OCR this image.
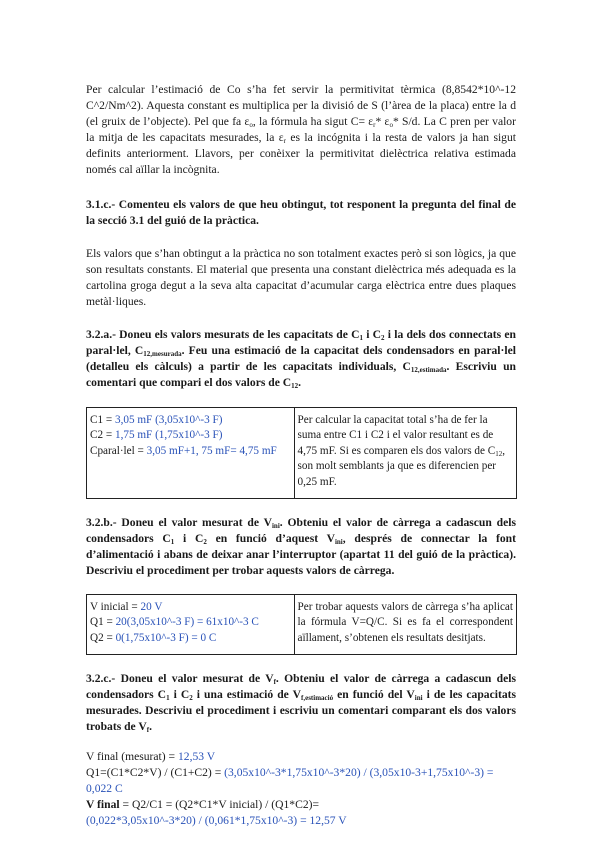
Per calcular l’estimació de Co s’ha fet servir la permitivitat tèrmica (8,8542*10^-12 C^2/Nm^2). Aquesta constant es multiplica per la divisió de S (l’àrea de la placa) entre la d (el gruix de l’objecte). Pel que fa $\varepsilon_o$, la fórmula ha sigut $C= \varepsilon_r*$ $\varepsilon_o*$ S/d. La C pren per valor la mitja de les capacitats mesurades, la $\varepsilon_r$ es la incógnita i la resta de valors ja han sigut definits anteriorment. Llavors, per conèixer la permitivitat dielèctrica relativa estimada només cal aïllar la incògnita.

3.1.c.- Comenteu els valors de que heu obtingut, tot responent la pregunta del final de la secció 3.1 del guió de la pràctica.

Els valors que s’han obtingut a la pràctica no son totalment exactes però si son lògics, ja que son resultats constants. El material que presenta una constant dielèctrica més adequada es la cartolina groga degut a la seva alta capacitat d’acumular carga elèctrica entre dues plaques metàl·liques.

3.2.a.- Doneu els valors mesurats de les capacitats de $C_1$ i $C_2$ i la dels dos connectats en paral·lel, $C_{12,mesurada}$. Feu una estimació de la capacitat dels condensadors en paral·lel (detalleu els càlculs) a partir de les capacitats individuals, $C_{12,estimada}$. Escriviu un comentari que compari el dos valors de $C_{12}$.

C1 = 3,05 mF (3,05x10^-3 F)
C2 = 1,75 mF (1,75x10^-3 F)
Cparal·lel = 3,05 mF+1, 75 mF= 4,75 mF
	Per calcular la capacitat total s’ha de fer la suma entre C1 i C2 i el valor resultant es de 4,75 mF. Si es comparen els dos valors de $C_{12}$, son molt semblants ja que es diferencien per 0,25 mF.

3.2.b.- Doneu el valor mesurat de $V_{ini}$. Obteniu el valor de càrrega a cadascun dels condensadors $C_1$ i $C_2$ en funció d’aquest $V_{ini}$, després de connectar la font d’alimentació i abans de deixar anar l’interruptor (apartat 11 del guió de la pràctica). Descriviu el procediment per trobar aquests valors de càrrega.

V inicial = 20 V
Q1 = 20(3,05x10^-3 F) = 61x10^-3 C
Q2 = 0(1,75x10^-3 F) = 0 C
	Per trobar aquests valors de càrrega s’ha aplicat la fórmula V=Q/C. Si es fa el correspondent aïllament, s’obtenen els resultats desitjats.

3.2.c.- Doneu el valor mesurat de $V_f$. Obteniu el valor de càrrega a cadascun dels condensadors $C_1$ i $C_2$ i una estimació de $V_{f,estimació}$ en funció del $V_{ini}$ i de les capacitats mesurades. Descriviu el procediment i escriviu un comentari comparant els dos valors trobats de $V_f$.

V final (mesurat) = 12,53 V
Q1=(C1*C2*V) / (C1+C2) = (3,05x10^-3*1,75x10^-3*20) / (3,05x10-3+1,75x10^-3) =
0,022 C
V final = Q2/C1 = (Q2*C1*V inicial) / (Q1*C2)=
(0,022*3,05x10^-3*20) / (0,061*1,75x10^-3) = 12,57 V
